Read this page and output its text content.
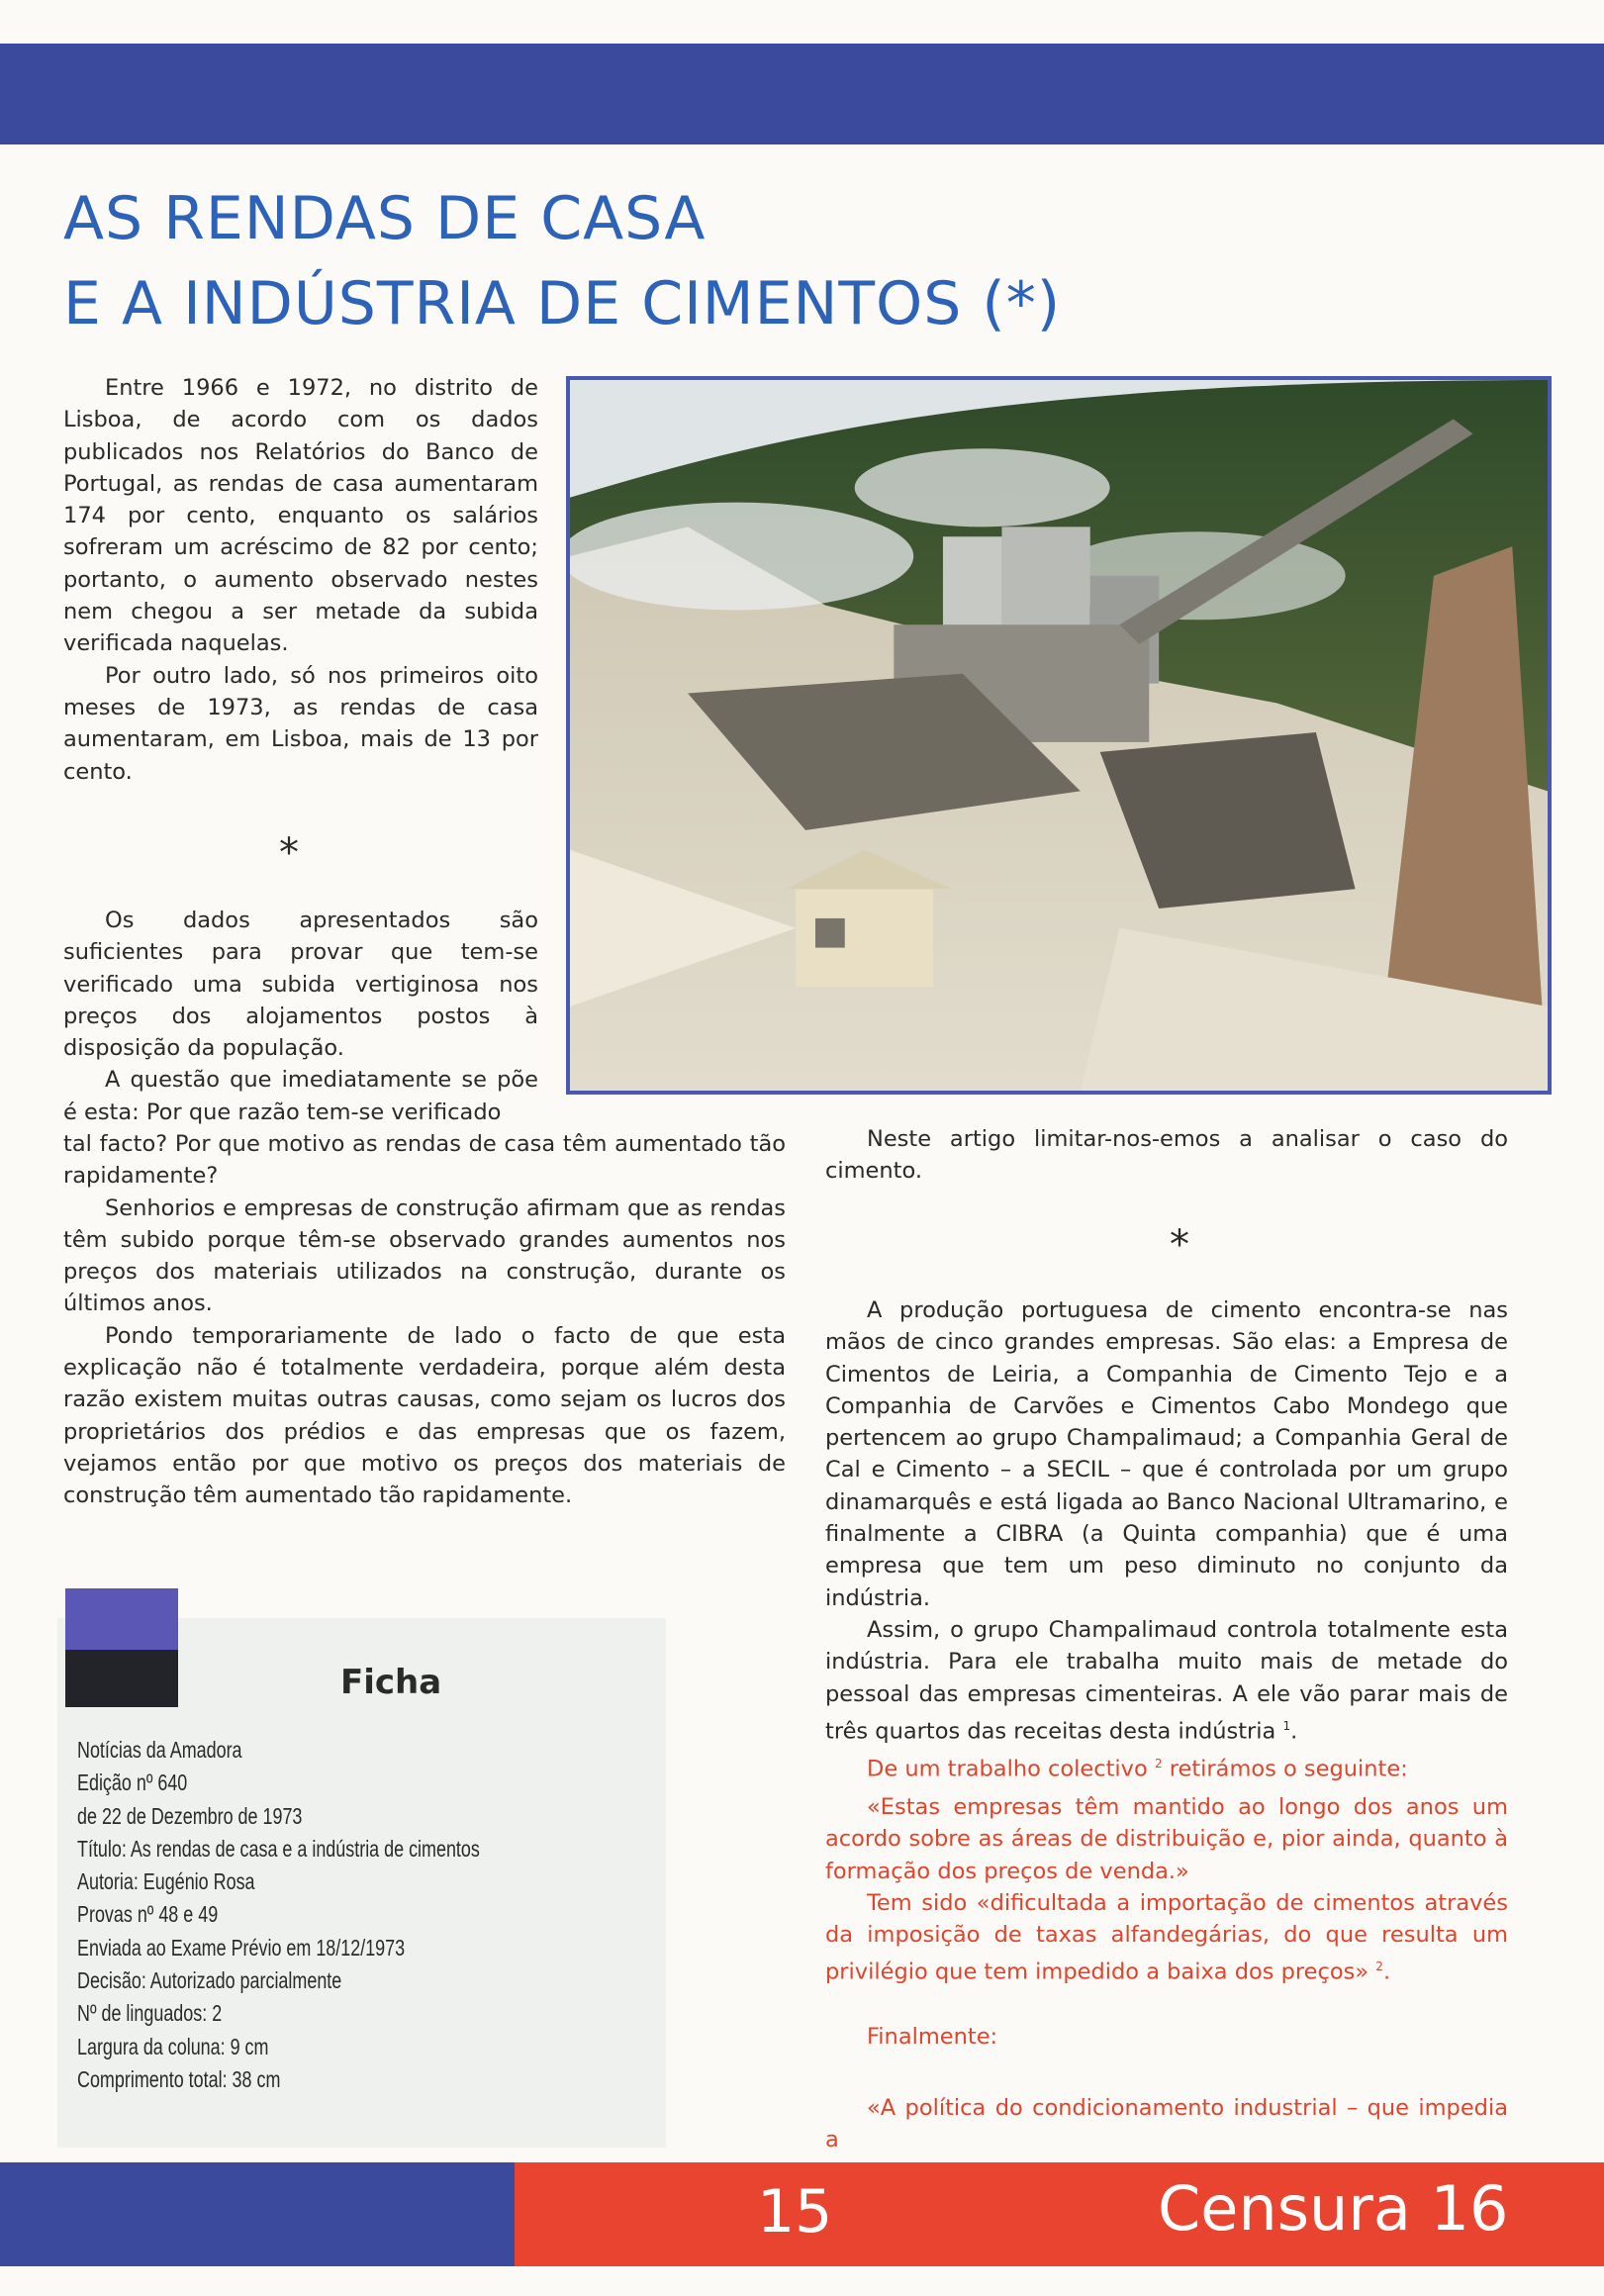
AS RENDAS DE CASA
E A INDÚSTRIA DE CIMENTOS (*)

Entre 1966 e 1972, no distrito de Lisboa, de acordo com os dados publicados nos Relatórios do Banco de Portugal, as rendas de casa aumentaram 174 por cento, enquanto os salários sofreram um acréscimo de 82 por cento; portanto, o aumento observado nestes nem chegou a ser metade da subida verificada naquelas.

Por outro lado, só nos primeiros oito meses de 1973, as rendas de casa aumentaram, em Lisboa, mais de 13 por cento.

*

Os dados apresentados são suficientes para provar que tem-se verificado uma subida vertiginosa nos preços dos alojamentos postos à disposição da população.

A questão que imediatamente se põe é esta: Por que razão tem-se verificado

tal facto? Por que motivo as rendas de casa têm aumentado tão rapidamente?

Senhorios e empresas de construção afirmam que as rendas têm subido porque têm-se observado grandes aumentos nos preços dos materiais utilizados na construção, durante os últimos anos.

Pondo temporariamente de lado o facto de que esta explicação não é totalmente verdadeira, porque além desta razão existem muitas outras causas, como sejam os lucros dos proprietários dos prédios e das empresas que os fazem, vejamos então por que motivo os preços dos materiais de construção têm aumentado tão rapidamente.

Neste artigo limitar-nos-emos a analisar o caso do cimento.

*

A produção portuguesa de cimento encontra-se nas mãos de cinco grandes empresas. São elas: a Empresa de Cimentos de Leiria, a Companhia de Cimento Tejo e a Companhia de Carvões e Cimentos Cabo Mondego que pertencem ao grupo Champalimaud; a Companhia Geral de Cal e Cimento – a SECIL – que é controlada por um grupo dinamarquês e está ligada ao Banco Nacional Ultramarino, e finalmente a CIBRA (a Quinta companhia) que é uma empresa que tem um peso diminuto no conjunto da indústria.

Assim, o grupo Champalimaud controla totalmente esta indústria. Para ele trabalha muito mais de metade do pessoal das empresas cimenteiras. A ele vão parar mais de três quartos das receitas desta indústria $^1$.

De um trabalho colectivo $^2$ retirámos o seguinte:

«Estas empresas têm mantido ao longo dos anos um acordo sobre as áreas de distribuição e, pior ainda, quanto à formação dos preços de venda.»

Tem sido «dificultada a importação de cimentos através da imposição de taxas alfandegárias, do que resulta um privilégio que tem impedido a baixa dos preços» $^2$.

Finalmente:

«A política do condicionamento industrial – que impedia a

Ficha
Notícias da Amadora
Edição nº 640
de 22 de Dezembro de 1973
Título: As rendas de casa e a indústria de cimentos
Autoria: Eugénio Rosa
Provas nº 48 e 49
Enviada ao Exame Prévio em 18/12/1973
Decisão: Autorizado parcialmente
Nº de linguados: 2
Largura da coluna: 9 cm
Comprimento total: 38 cm
15	Censura 16
